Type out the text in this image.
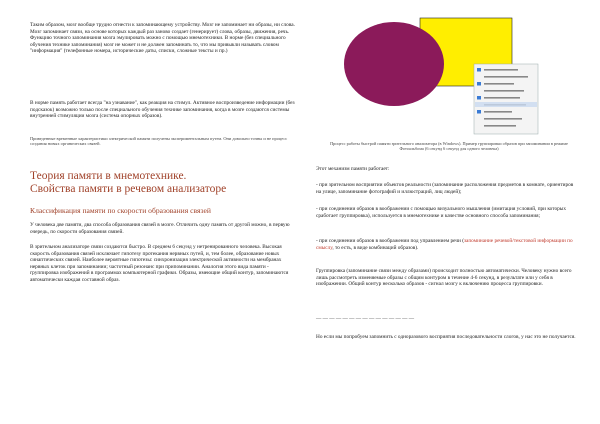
Таким образом, мозг вообще трудно отнести к запоминающему устройству. Мозг не запоминает ни образы, ни слова. Мозг запоминает связи, на основе которых каждый раз заново создает (генерирует) слова, образы, движения, речь. Функцию точного запоминания мозга эмулировать можно с помощью мнемотехники. В норме (без специального обучения технике запоминания) мозг не может и не должен запоминать то, что мы привыкли называть словом "информация" (телефонные номера, исторические даты, списки, сложные тексты и пр.)

В норме память работает всегда "на узнавание", как реакция на стимул. Активное воспроизведение информации (без подсказок) возможно только после специального обучения технике запоминания, когда в мозге создаются системы внутренней стимуляции мозга (система опорных образов).

Приведенные временные характеристики электрической памяти получены экспериментальным путем. Они довольно точны и не процесс создания новых органических связей.

Теория памяти в мнемотехнике.
Свойства памяти в речевом анализаторе
Классификация памяти по скорости образования связей

У человека две памяти, два способа образования связей в мозге. Отличить одну память от другой можно, в первую очередь, по скорости образования связей.

В зрительном анализаторе связи создаются быстро. В среднем 6 секунд у нетренированного человека. Высокая скорость образования связей исключает гипотезу протекания нервных путей, и, тем более, образование новых синаптических связей. Наиболее вероятные гипотезы: синхронизация электрической активности на мембранах нервных клеток при запоминании; частотный резонанс при припоминании. Аналогия этого вида памяти - группировка изображений в программах компьютерной графики. Образы, имеющие общий контур, запоминаются автоматически каждая составной образ.

Процесс работы быстрой памяти зрительного анализатора (в Windows). Пример группировки образов при запоминании в режиме Фотоальбома (6 секунд 6 секунд для одного человека)

Этот механизм памяти работает:

- при зрительном восприятии объектов реальности (запоминание расположения предметов в комнате, ориентиров на улице, запоминание фотографий и иллюстраций, лиц людей);

- при соединении образов в воображении с помощью визуального мышления (имитация условий, при которых сработает группировка), используется в мнемотехнике и качестве основного способа запоминания;

- при соединении образов в воображении под управлением речи (запоминание речевой/текстовой информации по смыслу, то есть, в виде комбинаций образов).

Группировка (запоминание связи между образами) происходит полностью автоматически. Человеку нужно всего лишь рассмотреть изменяемые образы с общим контуром в течение 4-6 секунд, в результате или у себя в изображении. Общий контур несколько образов - сигнал мозгу к включению процесса группировки.

— — — — — — — — — — — — — — —

Но если мы попробуем запомнить с одноразового восприятия последовательности слогов, у нас это не получается.
